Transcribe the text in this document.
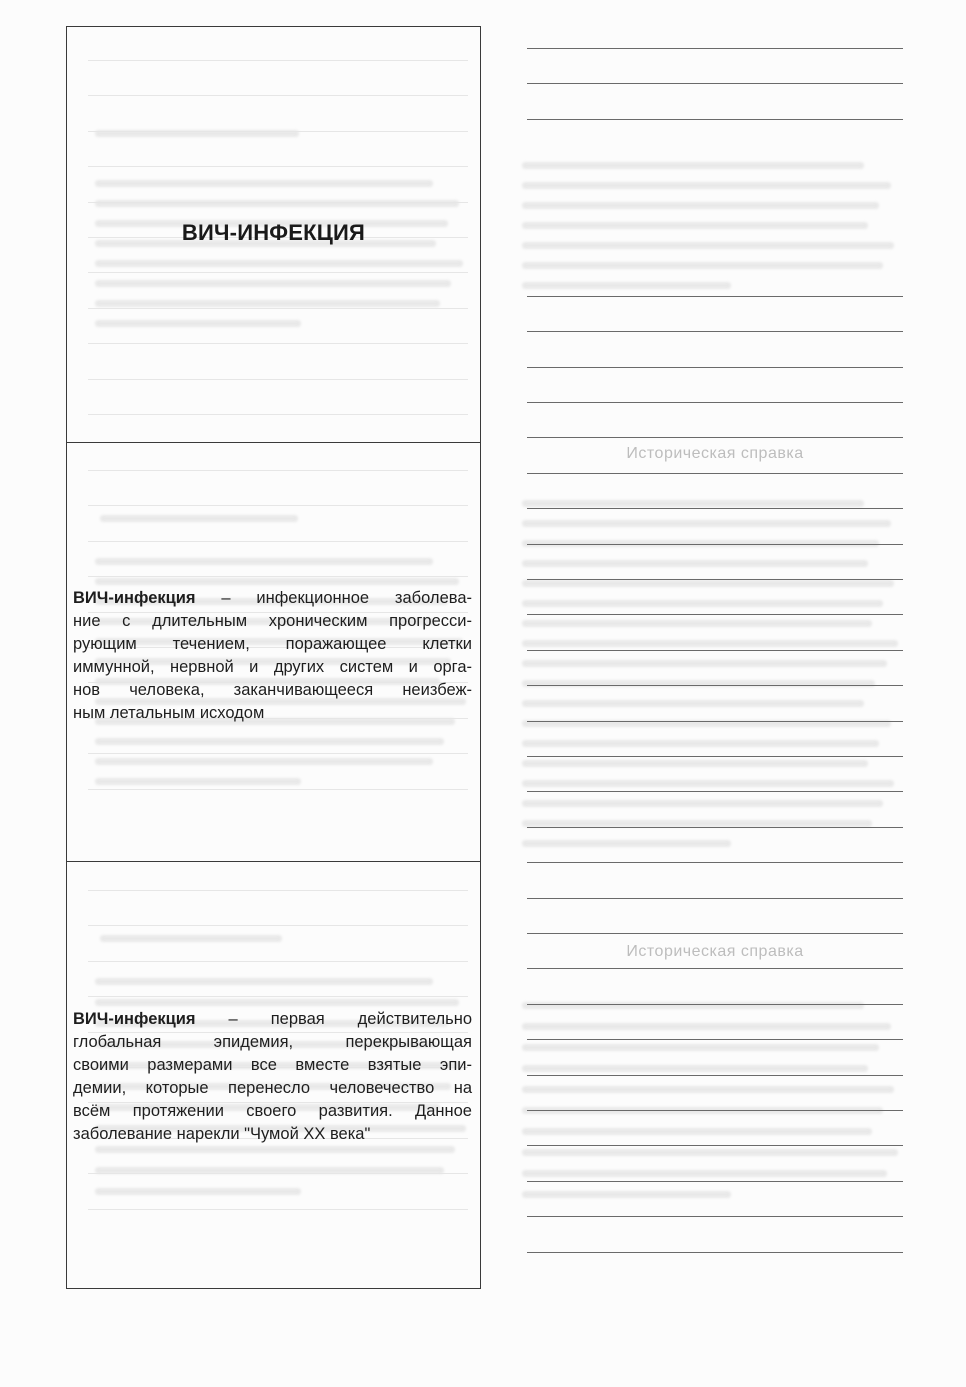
ВИЧ-ИНФЕКЦИЯ
ВИЧ-инфекция – инфекционное заболева-
ние с длительным хроническим прогресси-
рующим течением, поражающее клетки
иммунной, нервной и других систем и орга-
нов человека, заканчивающееся неизбеж-
ным летальным исходом
ВИЧ-инфекция – первая действительно
глобальная эпидемия, перекрывающая
своими размерами все вместе взятые эпи-
демии, которые перенесло человечество на
всём протяжении своего развития. Данное
заболевание нарекли "Чумой XX века"
Историческая справка
Историческая справка
